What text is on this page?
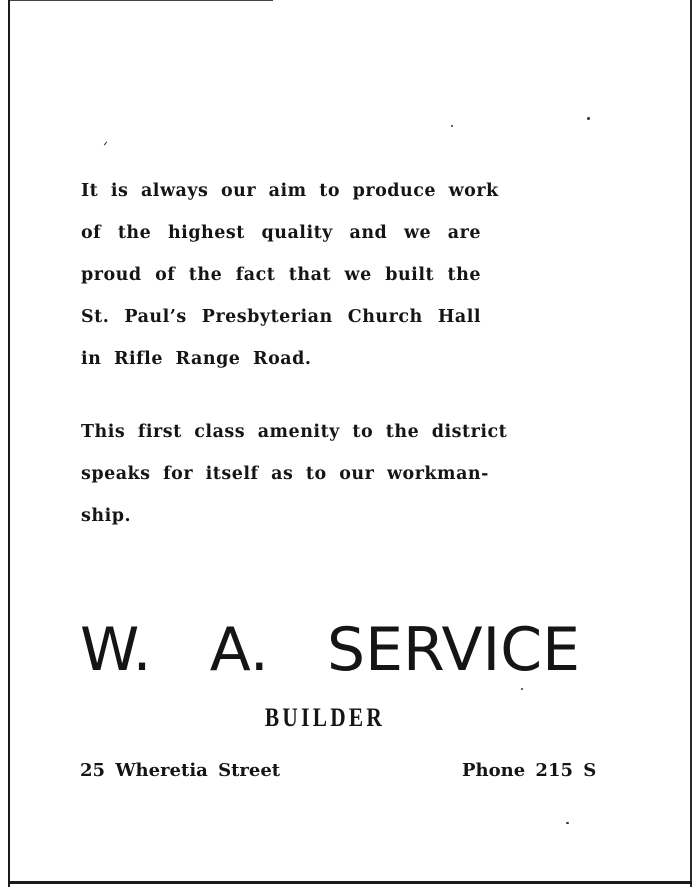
It is always our aim to produce work
of the highest quality and we are
proud of the fact that we built the
St. Paul’s Presbyterian Church Hall
in Rifle Range Road.
This first class amenity to the district
speaks for itself as to our workman-
ship.
W. A. SERVICE
BUILDER
25 Wheretia Street	Phone 215 S
